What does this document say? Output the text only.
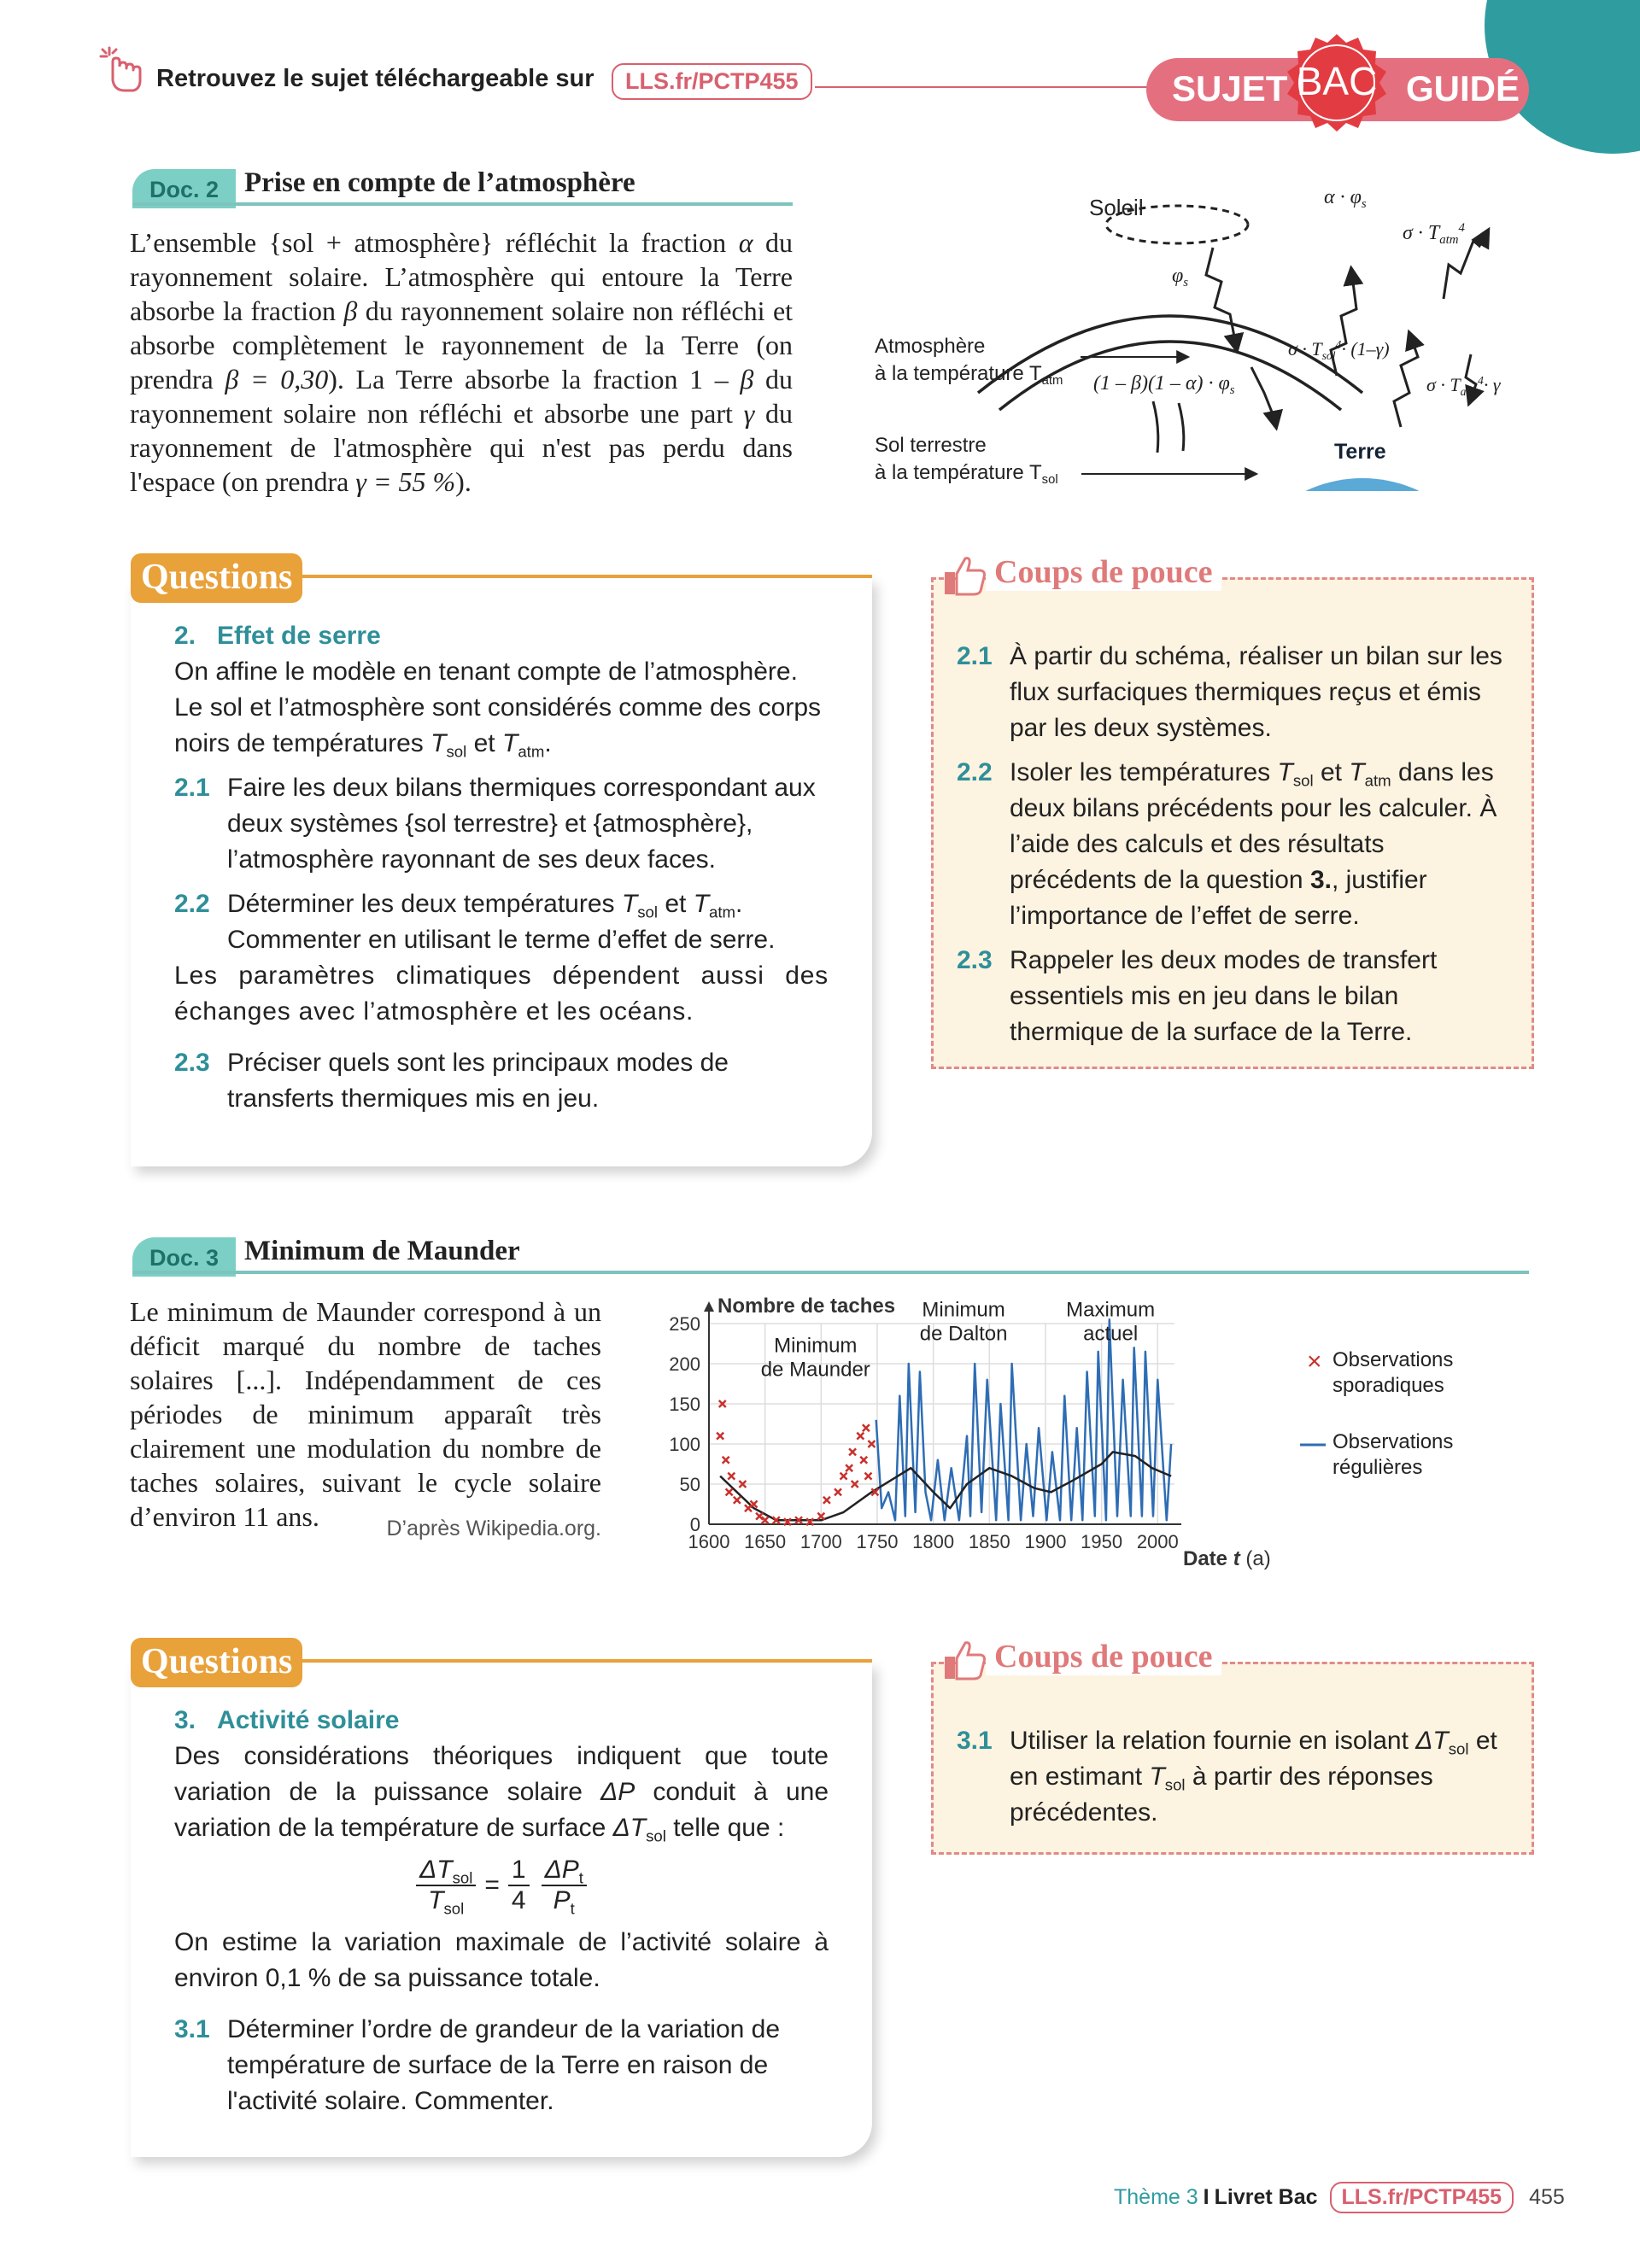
Retrouvez le sujet téléchargeable sur	LLS.fr/PCTP455	SUJET BAC GUIDÉ
Doc. 2 Prise en compte de l’atmosphère
L’ensemble {sol + atmosphère} réfléchit la fraction α du rayonnement solaire. L’atmosphère qui entoure la Terre absorbe la fraction β du rayonnement solaire non réfléchi et absorbe complètement le rayonnement de la Terre (on prendra β = 0,30). La Terre absorbe la fraction 1 – β du rayonnement solaire non réfléchi et absorbe une part γ du rayonnement de l'atmosphère qui n'est pas perdu dans l'espace (on prendra γ = 55 %).
Soleil	$\alpha \cdot \varphi_s$
$\sigma \cdot T_{atm}^4$
$\varphi_s$
Atmosphère
à la température $T_{atm}$ $(1 - \beta)(1 - \alpha) \cdot \varphi_s$
$\sigma \cdot T_{sol}^4\cdot (1-\gamma)$
$\sigma \cdot T_{atm}^4\cdot \gamma$
Sol terrestre
à la température $T_{sol}$
Terre
Questions
2. Effet de serre
On affine le modèle en tenant compte de l’atmosphère. Le sol et l’atmosphère sont considérés comme des corps noirs de températures $T_{sol}$ et $T_{atm}$.
2.1 Faire les deux bilans thermiques correspondant aux deux systèmes {sol terrestre} et {atmosphère}, l’atmosphère rayonnant de ses deux faces.
2.2 Déterminer les deux températures $T_{sol}$ et $T_{atm}$. Commenter en utilisant le terme d’effet de serre.
Les paramètres climatiques dépendent aussi des échanges avec l’atmosphère et les océans.
2.3 Préciser quels sont les principaux modes de transferts thermiques mis en jeu.
Coups de pouce
2.1 À partir du schéma, réaliser un bilan sur les flux surfaciques thermiques reçus et émis par les deux systèmes.
2.2 Isoler les températures $T_{sol}$ et $T_{atm}$ dans les deux bilans précédents pour les calculer. À l’aide des calculs et des résultats précédents de la question 3., justifier l’importance de l’effet de serre.
2.3 Rappeler les deux modes de transfert essentiels mis en jeu dans le bilan thermique de la surface de la Terre.
Doc. 3 Minimum de Maunder
Le minimum de Maunder correspond à un déficit marqué du nombre de taches solaires [...]. Indépendamment de ces périodes de minimum apparaît très clairement une modulation du nombre de taches solaires, suivant le cycle solaire d’environ 11 ans.	D’après Wikipedia.org.	0
50
100
150
200
250
1600 1650 1700 1750 1800 1850 1900 1950 2000
Minimum
de Maunder
Minimum
de Dalton
Maximum
actuel
Nombre de taches
Date t (a)
× Observations
sporadiques
— Observations
régulières
Questions
3. Activité solaire
Des considérations théoriques indiquent que toute variation de la puissance solaire ΔP conduit à une variation de la température de surface $\Delta T_{sol}$ telle que :
$\Delta T_{sol}$
$T_{sol}$
= $\frac{1}{4} \Delta P_t$
$P_t$
On estime la variation maximale de l’activité solaire à environ 0,1 % de sa puissance totale.
3.1 Déterminer l’ordre de grandeur de la variation de température de surface de la Terre en raison de l'activité solaire. Commenter.
Coups de pouce
3.1 Utiliser la relation fournie en isolant $\Delta T_{sol}$ et en estimant $T_{sol}$ à partir des réponses précédentes.
Thème 3 I Livret Bac	LLS.fr/PCTP455	455
